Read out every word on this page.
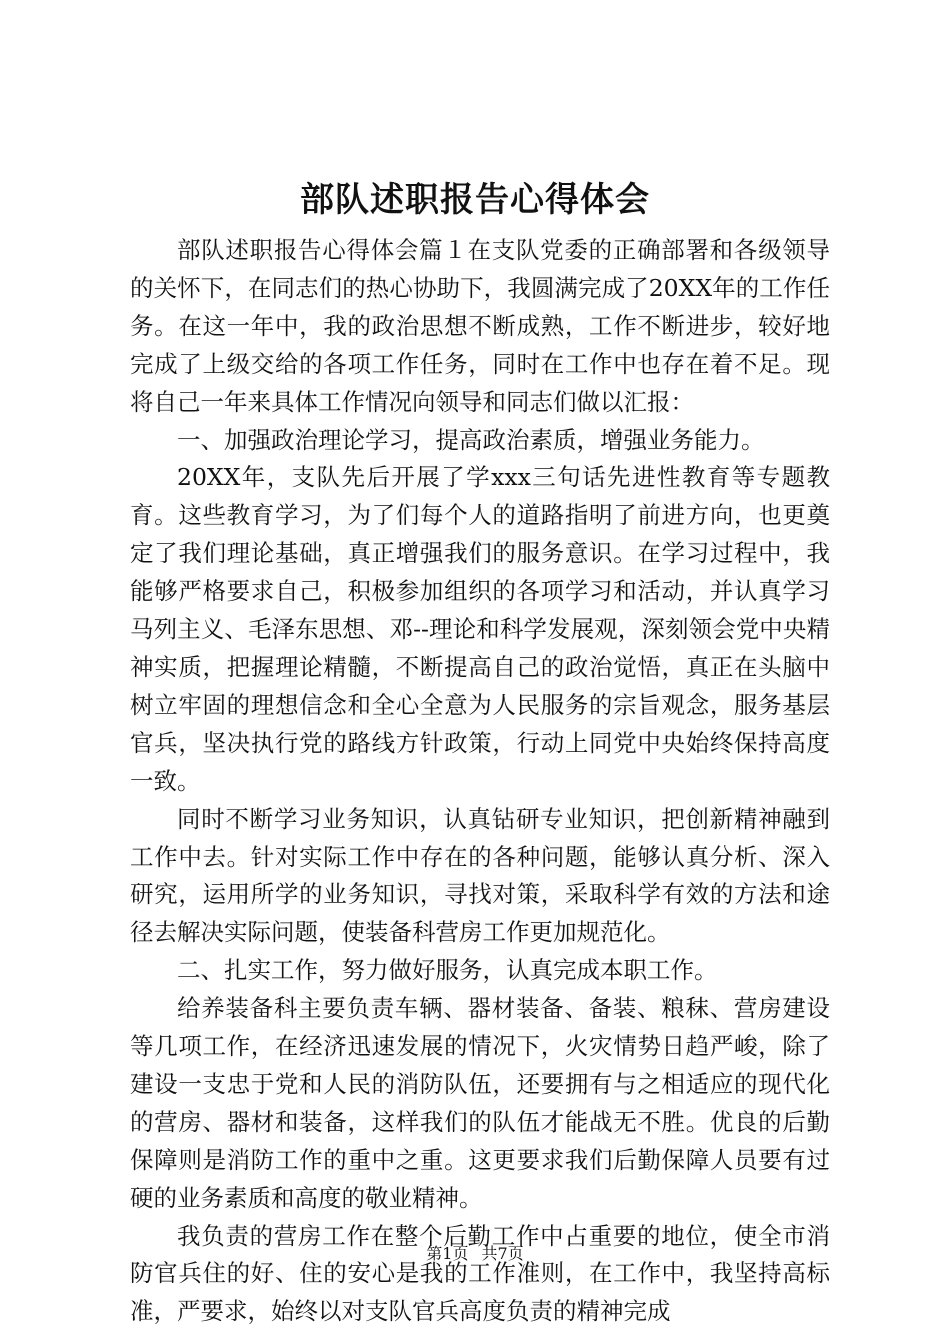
部队述职报告心得体会

部队述职报告心得体会篇１在支队党委的正确部署和各级领导的关怀下，在同志们的热心协助下，我圆满完成了20XX年的工作任务。在这一年中，我的政治思想不断成熟，工作不断进步，较好地完成了上级交给的各项工作任务，同时在工作中也存在着不足。现将自己一年来具体工作情况向领导和同志们做以汇报：

一、加强政治理论学习，提高政治素质，增强业务能力。

20XX年，支队先后开展了学xxx三句话先进性教育等专题教育。这些教育学习，为了们每个人的道路指明了前进方向，也更奠定了我们理论基础，真正增强我们的服务意识。在学习过程中，我能够严格要求自己，积极参加组织的各项学习和活动，并认真学习马列主义、毛泽东思想、邓--理论和科学发展观，深刻领会党中央精神实质，把握理论精髓，不断提高自己的政治觉悟，真正在头脑中树立牢固的理想信念和全心全意为人民服务的宗旨观念，服务基层官兵，坚决执行党的路线方针政策，行动上同党中央始终保持高度一致。

同时不断学习业务知识，认真钻研专业知识，把创新精神融到工作中去。针对实际工作中存在的各种问题，能够认真分析、深入研究，运用所学的业务知识，寻找对策，采取科学有效的方法和途径去解决实际问题，使装备科营房工作更加规范化。

二、扎实工作，努力做好服务，认真完成本职工作。

给养装备科主要负责车辆、器材装备、备装、粮秣、营房建设等几项工作，在经济迅速发展的情况下，火灾情势日趋严峻，除了建设一支忠于党和人民的消防队伍，还要拥有与之相适应的现代化的营房、器材和装备，这样我们的队伍才能战无不胜。优良的后勤保障则是消防工作的重中之重。这更要求我们后勤保障人员要有过硬的业务素质和高度的敬业精神。

我负责的营房工作在整个后勤工作中占重要的地位，使全市消防官兵住的好、住的安心是我的工作准则，在工作中，我坚持高标准，严要求，始终以对支队官兵高度负责的精神完成

第1页 共7页
